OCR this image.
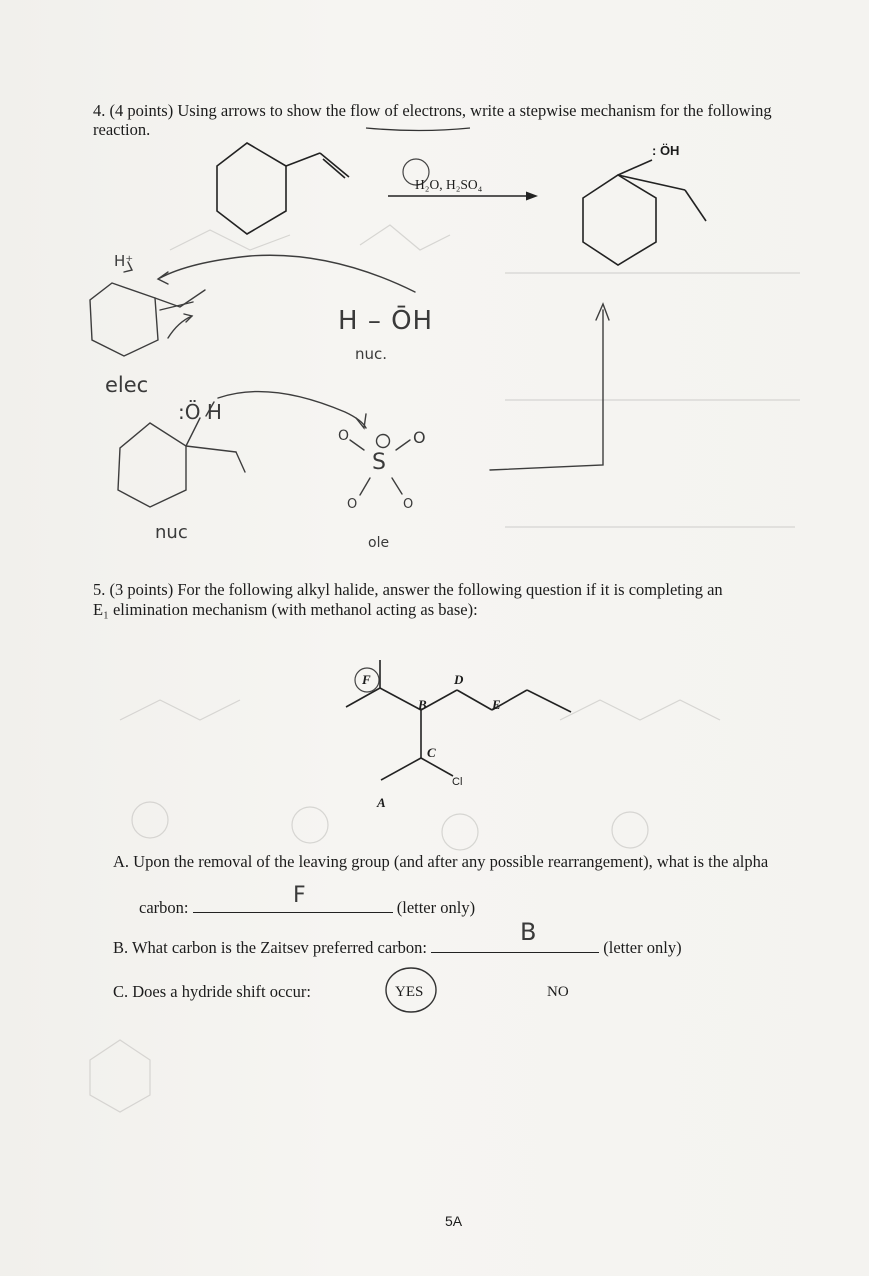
4. (4 points) Using arrows to show the flow of electrons, write a stepwise mechanism for the following
reaction.
H₂O, H₂SO₄
: ÖH
H⁺
H – ŌH
nuc.
elec
:Ö H
nuc
O	O
S
O	O
ole
5. (3 points) For the following alkyl halide, answer the following question if it is completing an
E₁ elimination mechanism (with methanol acting as base):
F	D
B	E
C
Cl
A
A. Upon the removal of the leaving group (and after any possible rearrangement), what is the alpha
carbon:	(letter only)
F
B. What carbon is the Zaitsev preferred carbon:	(letter only)
B
C. Does a hydride shift occur:	YES	NO
5A
